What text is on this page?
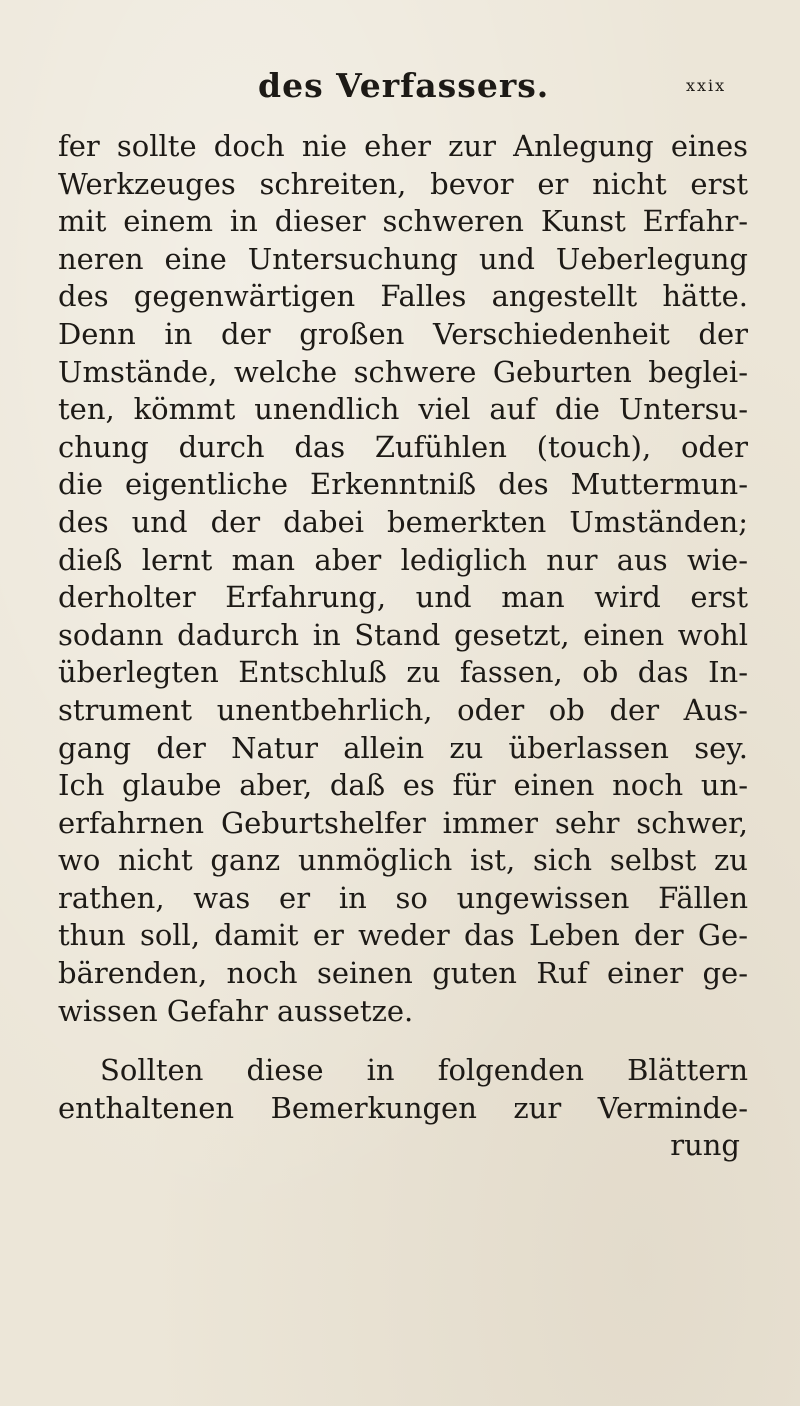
des Verfassers.	xxix
fer sollte doch nie eher zur Anlegung eines
Werkzeuges schreiten, bevor er nicht erst
mit einem in dieser schweren Kunst Erfahr-
neren eine Untersuchung und Ueberlegung
des gegenwärtigen Falles angestellt hätte.
Denn in der großen Verschiedenheit der
Umstände, welche schwere Geburten beglei-
ten, kömmt unendlich viel auf die Untersu-
chung durch das Zufühlen (touch), oder
die eigentliche Erkenntniß des Muttermun-
des und der dabei bemerkten Umständen;
dieß lernt man aber lediglich nur aus wie-
derholter Erfahrung, und man wird erst
sodann dadurch in Stand gesetzt, einen wohl
überlegten Entschluß zu fassen, ob das In-
strument unentbehrlich, oder ob der Aus-
gang der Natur allein zu überlassen sey.
Ich glaube aber, daß es für einen noch un-
erfahrnen Geburtshelfer immer sehr schwer,
wo nicht ganz unmöglich ist, sich selbst zu
rathen, was er in so ungewissen Fällen
thun soll, damit er weder das Leben der Ge-
bärenden, noch seinen guten Ruf einer ge-
wissen Gefahr aussetze.
Sollten diese in folgenden Blättern
enthaltenen Bemerkungen zur Verminde-
rung
